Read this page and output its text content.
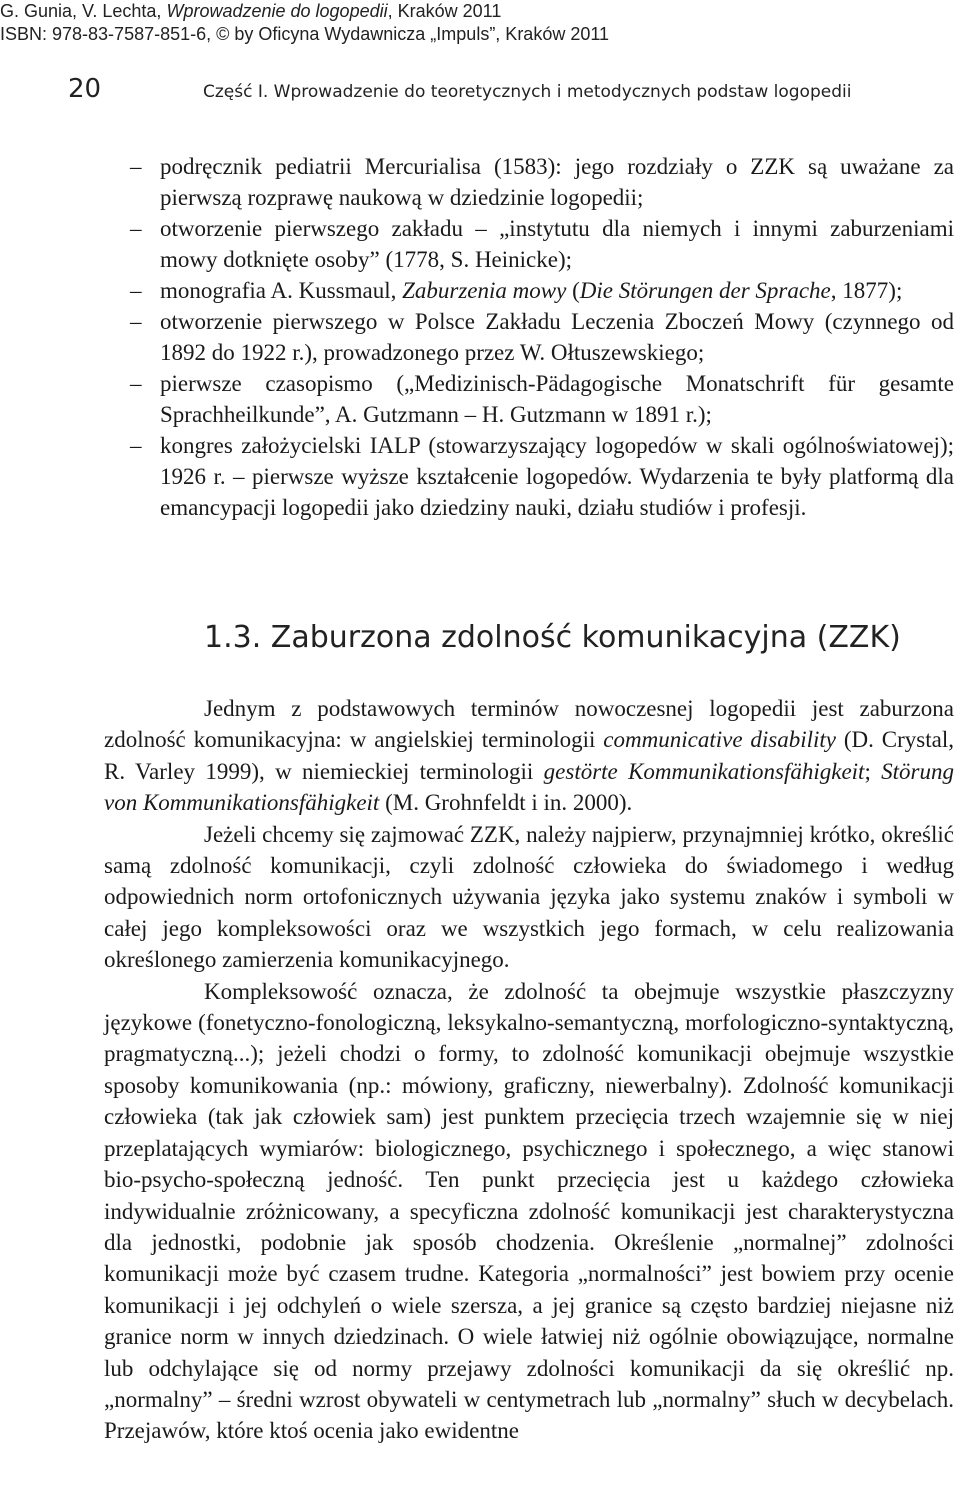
G. Gunia, V. Lechta, Wprowadzenie do logopedii, Kraków 2011
ISBN: 978-83-7587-851-6, © by Oficyna Wydawnicza „Impuls”, Kraków 2011
20	Część I. Wprowadzenie do teoretycznych i metodycznych podstaw logopedii
– podręcznik pediatrii Mercurialisa (1583): jego rozdziały o ZZK są uważane za pierwszą rozprawę naukową w dziedzinie logopedii;
– otworzenie pierwszego zakładu – „instytutu dla niemych i innymi zaburzeniami mowy dotknięte osoby” (1778, S. Heinicke);
– monografia A. Kussmaul, Zaburzenia mowy (Die Störungen der Sprache, 1877);
– otworzenie pierwszego w Polsce Zakładu Leczenia Zboczeń Mowy (czynnego od 1892 do 1922 r.), prowadzonego przez W. Ołtuszewskiego;
– pierwsze czasopismo („Medizinisch-Pädagogische Monatschrift für gesamte Sprachheilkunde”, A. Gutzmann – H. Gutzmann w 1891 r.);
– kongres założycielski IALP (stowarzyszający logopedów w skali ogólnoświatowej); 1926 r. – pierwsze wyższe kształcenie logopedów. Wydarzenia te były platformą dla emancypacji logopedii jako dziedziny nauki, działu studiów i profesji.
1.3. Zaburzona zdolność komunikacyjna (ZZK)

Jednym z podstawowych terminów nowoczesnej logopedii jest zaburzona zdolność komunikacyjna: w angielskiej terminologii communicative disability (D. Crystal, R. Varley 1999), w niemieckiej terminologii gestörte Kommunikationsfähigkeit; Störung von Kommunikationsfähigkeit (M. Grohnfeldt i in. 2000).

Jeżeli chcemy się zajmować ZZK, należy najpierw, przynajmniej krótko, określić samą zdolność komunikacji, czyli zdolność człowieka do świadomego i według odpowiednich norm ortofonicznych używania języka jako systemu znaków i symboli w całej jego kompleksowości oraz we wszystkich jego formach, w celu realizowania określonego zamierzenia komunikacyjnego.

Kompleksowość oznacza, że zdolność ta obejmuje wszystkie płaszczyzny językowe (fonetyczno-fonologiczną, leksykalno-semantyczną, morfologiczno-syntaktyczną, pragmatyczną...); jeżeli chodzi o formy, to zdolność komunikacji obejmuje wszystkie sposoby komunikowania (np.: mówiony, graficzny, niewerbalny). Zdolność komunikacji człowieka (tak jak człowiek sam) jest punktem przecięcia trzech wzajemnie się w niej przeplatających wymiarów: biologicznego, psychicznego i społecznego, a więc stanowi bio-psycho-społeczną jedność. Ten punkt przecięcia jest u każdego człowieka indywidualnie zróżnicowany, a specyficzna zdolność komunikacji jest charakterystyczna dla jednostki, podobnie jak sposób chodzenia. Określenie „normalnej” zdolności komunikacji może być czasem trudne. Kategoria „normalności” jest bowiem przy ocenie komunikacji i jej odchyleń o wiele szersza, a jej granice są często bardziej niejasne niż granice norm w innych dziedzinach. O wiele łatwiej niż ogólnie obowiązujące, normalne lub odchylające się od normy przejawy zdolności komunikacji da się określić np. „normalny” – średni wzrost obywateli w centymetrach lub „normalny” słuch w decybelach. Przejawów, które ktoś ocenia jako ewidentne
